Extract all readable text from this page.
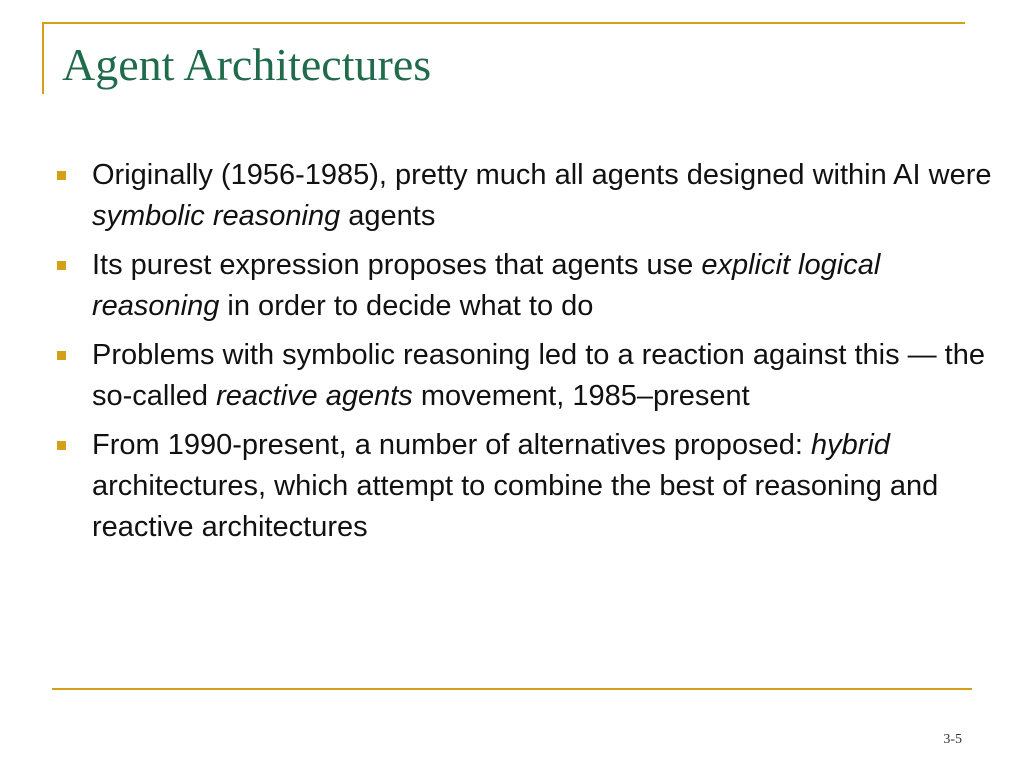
Agent Architectures
Originally (1956-1985), pretty much all agents designed within AI were symbolic reasoning agents
Its purest expression proposes that agents use explicit logical reasoning in order to decide what to do
Problems with symbolic reasoning led to a reaction against this — the so-called reactive agents movement, 1985–present
From 1990-present, a number of alternatives proposed: hybrid architectures, which attempt to combine the best of reasoning and reactive architectures
3-5
